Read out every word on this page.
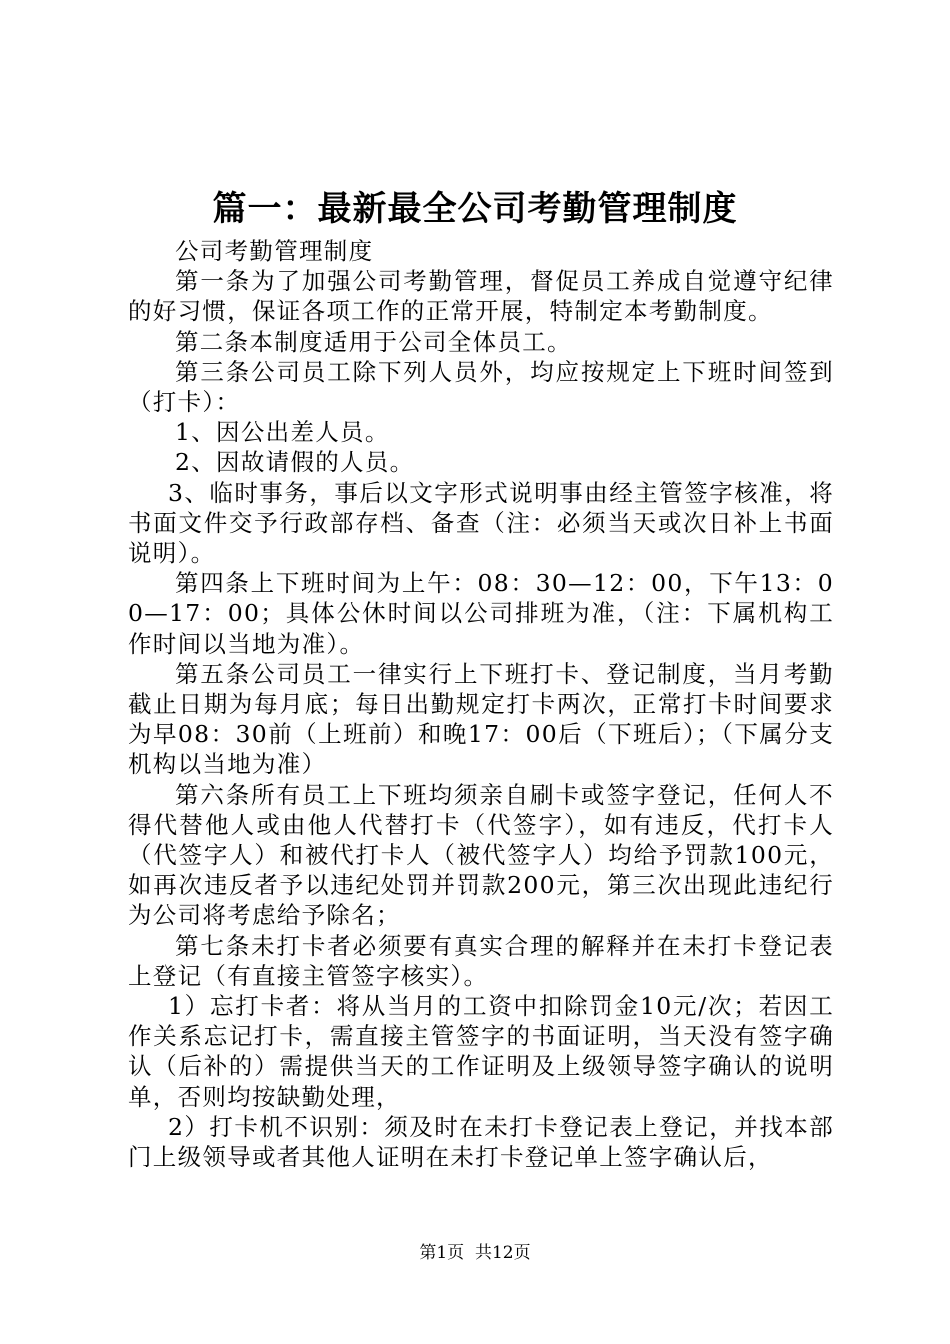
篇一：最新最全公司考勤管理制度

公司考勤管理制度

第一条为了加强公司考勤管理，督促员工养成自觉遵守纪律的好习惯，保证各项工作的正常开展，特制定本考勤制度。

第二条本制度适用于公司全体员工。

第三条公司员工除下列人员外，均应按规定上下班时间签到（打卡）：

1、因公出差人员。

2、因故请假的人员。

3、临时事务，事后以文字形式说明事由经主管签字核准，将书面文件交予行政部存档、备查（注：必须当天或次日补上书面说明）。

第四条上下班时间为上午：08：30—12：00，下午13：00—17：00；具体公休时间以公司排班为准，（注：下属机构工作时间以当地为准）。

第五条公司员工一律实行上下班打卡、登记制度，当月考勤截止日期为每月底；每日出勤规定打卡两次，正常打卡时间要求为早08：30前（上班前）和晚17：00后（下班后）；（下属分支机构以当地为准）

第六条所有员工上下班均须亲自刷卡或签字登记，任何人不得代替他人或由他人代替打卡（代签字），如有违反，代打卡人（代签字人）和被代打卡人（被代签字人）均给予罚款100元，如再次违反者予以违纪处罚并罚款200元，第三次出现此违纪行为公司将考虑给予除名；

第七条未打卡者必须要有真实合理的解释并在未打卡登记表上登记（有直接主管签字核实）。

1）忘打卡者：将从当月的工资中扣除罚金10元/次；若因工作关系忘记打卡，需直接主管签字的书面证明，当天没有签字确认（后补的）需提供当天的工作证明及上级领导签字确认的说明单，否则均按缺勤处理，

2）打卡机不识别：须及时在未打卡登记表上登记，并找本部门上级领导或者其他人证明在未打卡登记单上签字确认后，

第1页  共12页
